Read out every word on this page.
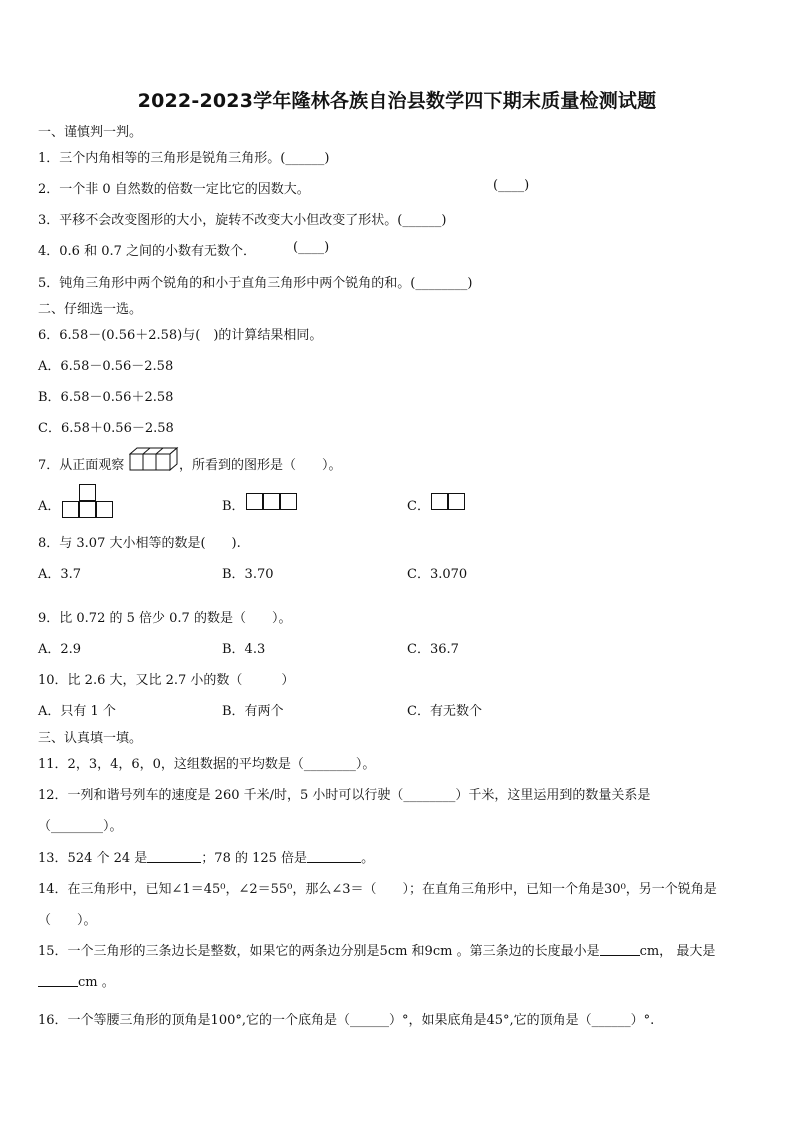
2022-2023学年隆林各族自治县数学四下期末质量检测试题
一、谨慎判一判。
1．三个内角相等的三角形是锐角三角形。(______)
2．一个非 0 自然数的倍数一定比它的因数大。	(____)
3．平移不会改变图形的大小，旋转不改变大小但改变了形状。(______)
4．0.6 和 0.7 之间的小数有无数个．	(____)
5．钝角三角形中两个锐角的和小于直角三角形中两个锐角的和。(________)
二、仔细选一选。
6．6.58－(0.56＋2.58)与(　)的计算结果相同。
A．6.58－0.56－2.58
B．6.58－0.56＋2.58
C．6.58＋0.56－2.58
7．从正面观察	，所看到的图形是（　　）。
A．	B．	C．
8．与 3.07 大小相等的数是(　　).
A．3.7	B．3.70	C．3.070
9．比 0.72 的 5 倍少 0.7 的数是（　　）。
A．2.9	B．4.3	C．36.7
10．比 2.6 大，又比 2.7 小的数（　　　）
A．只有 1 个	B．有两个	C．有无数个
三、认真填一填。
11．2，3，4，6，0，这组数据的平均数是（________）。
12．一列和谐号列车的速度是 260 千米/时，5 小时可以行驶（________）千米，这里运用到的数量关系是
（________）。
13．524 个 24 是	；78 的 125 倍是	。
14．在三角形中，已知∠1＝45⁰，∠2＝55⁰，那么∠3＝（　　）；在直角三角形中，已知一个角是30⁰，另一个锐角是
（　　）。
15．一个三角形的三条边长是整数，如果它的两条边分别是5cm 和9cm 。第三条边的长度最小是	cm， 最大是
cm 。
16．一个等腰三角形的顶角是100°,它的一个底角是（______）°，如果底角是45°,它的顶角是（______）°.
